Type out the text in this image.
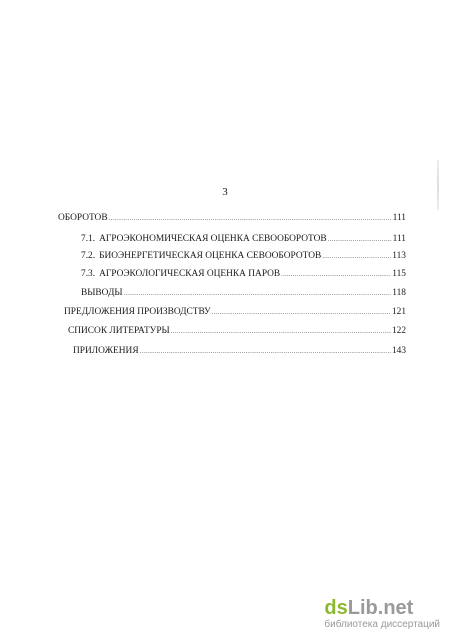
3
ОБОРОТОВ .....	111
7.1. АГРОЭКОНОМИЧЕСКАЯ ОЦЕНКА СЕВООБОРОТОВ .....	111
7.2. БИОЭНЕРГЕТИЧЕСКАЯ ОЦЕНКА СЕВООБОРОТОВ .....	113
7.3. АГРОЭКОЛОГИЧЕСКАЯ ОЦЕНКА ПАРОВ .....	115
ВЫВОДЫ .....	118
ПРЕДЛОЖЕНИЯ ПРОИЗВОДСТВУ .....	121
СПИСОК ЛИТЕРАТУРЫ .....	122
ПРИЛОЖЕНИЯ .....	143
dsLib.net
библиотека диссертаций
